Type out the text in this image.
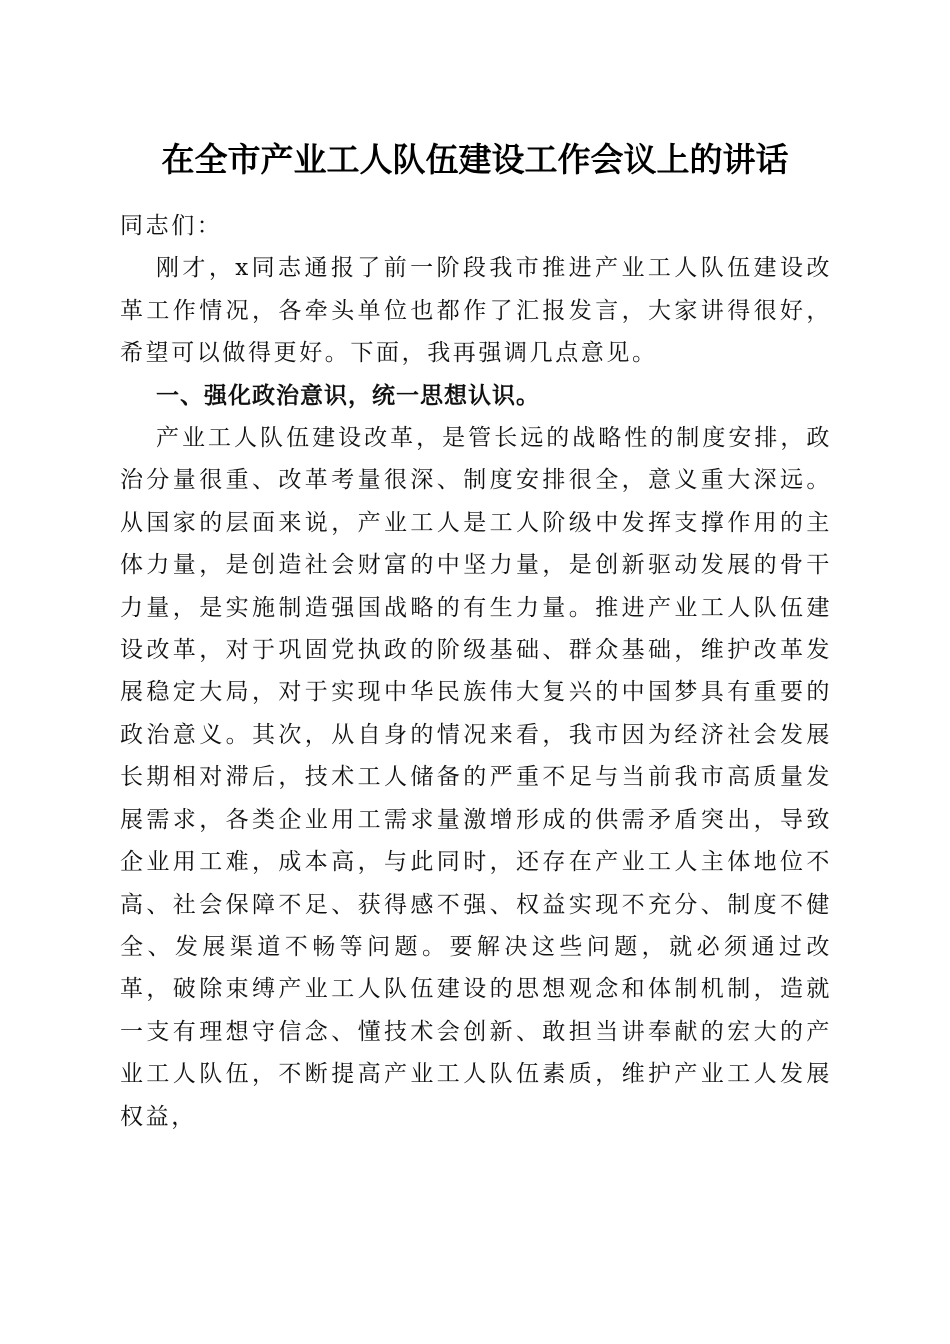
在全市产业工人队伍建设工作会议上的讲话

同志们：

刚才，x同志通报了前一阶段我市推进产业工人队伍建设改革工作情况，各牵头单位也都作了汇报发言，大家讲得很好，希望可以做得更好。下面，我再强调几点意见。

一、强化政治意识，统一思想认识。

产业工人队伍建设改革，是管长远的战略性的制度安排，政治分量很重、改革考量很深、制度安排很全，意义重大深远。从国家的层面来说，产业工人是工人阶级中发挥支撑作用的主体力量，是创造社会财富的中坚力量，是创新驱动发展的骨干力量，是实施制造强国战略的有生力量。推进产业工人队伍建设改革，对于巩固党执政的阶级基础、群众基础，维护改革发展稳定大局，对于实现中华民族伟大复兴的中国梦具有重要的政治意义。其次，从自身的情况来看，我市因为经济社会发展长期相对滞后，技术工人储备的严重不足与当前我市高质量发展需求，各类企业用工需求量激增形成的供需矛盾突出，导致企业用工难，成本高，与此同时，还存在产业工人主体地位不高、社会保障不足、获得感不强、权益实现不充分、制度不健全、发展渠道不畅等问题。要解决这些问题，就必须通过改革，破除束缚产业工人队伍建设的思想观念和体制机制，造就一支有理想守信念、懂技术会创新、敢担当讲奉献的宏大的产业工人队伍，不断提高产业工人队伍素质，维护产业工人发展权益，
